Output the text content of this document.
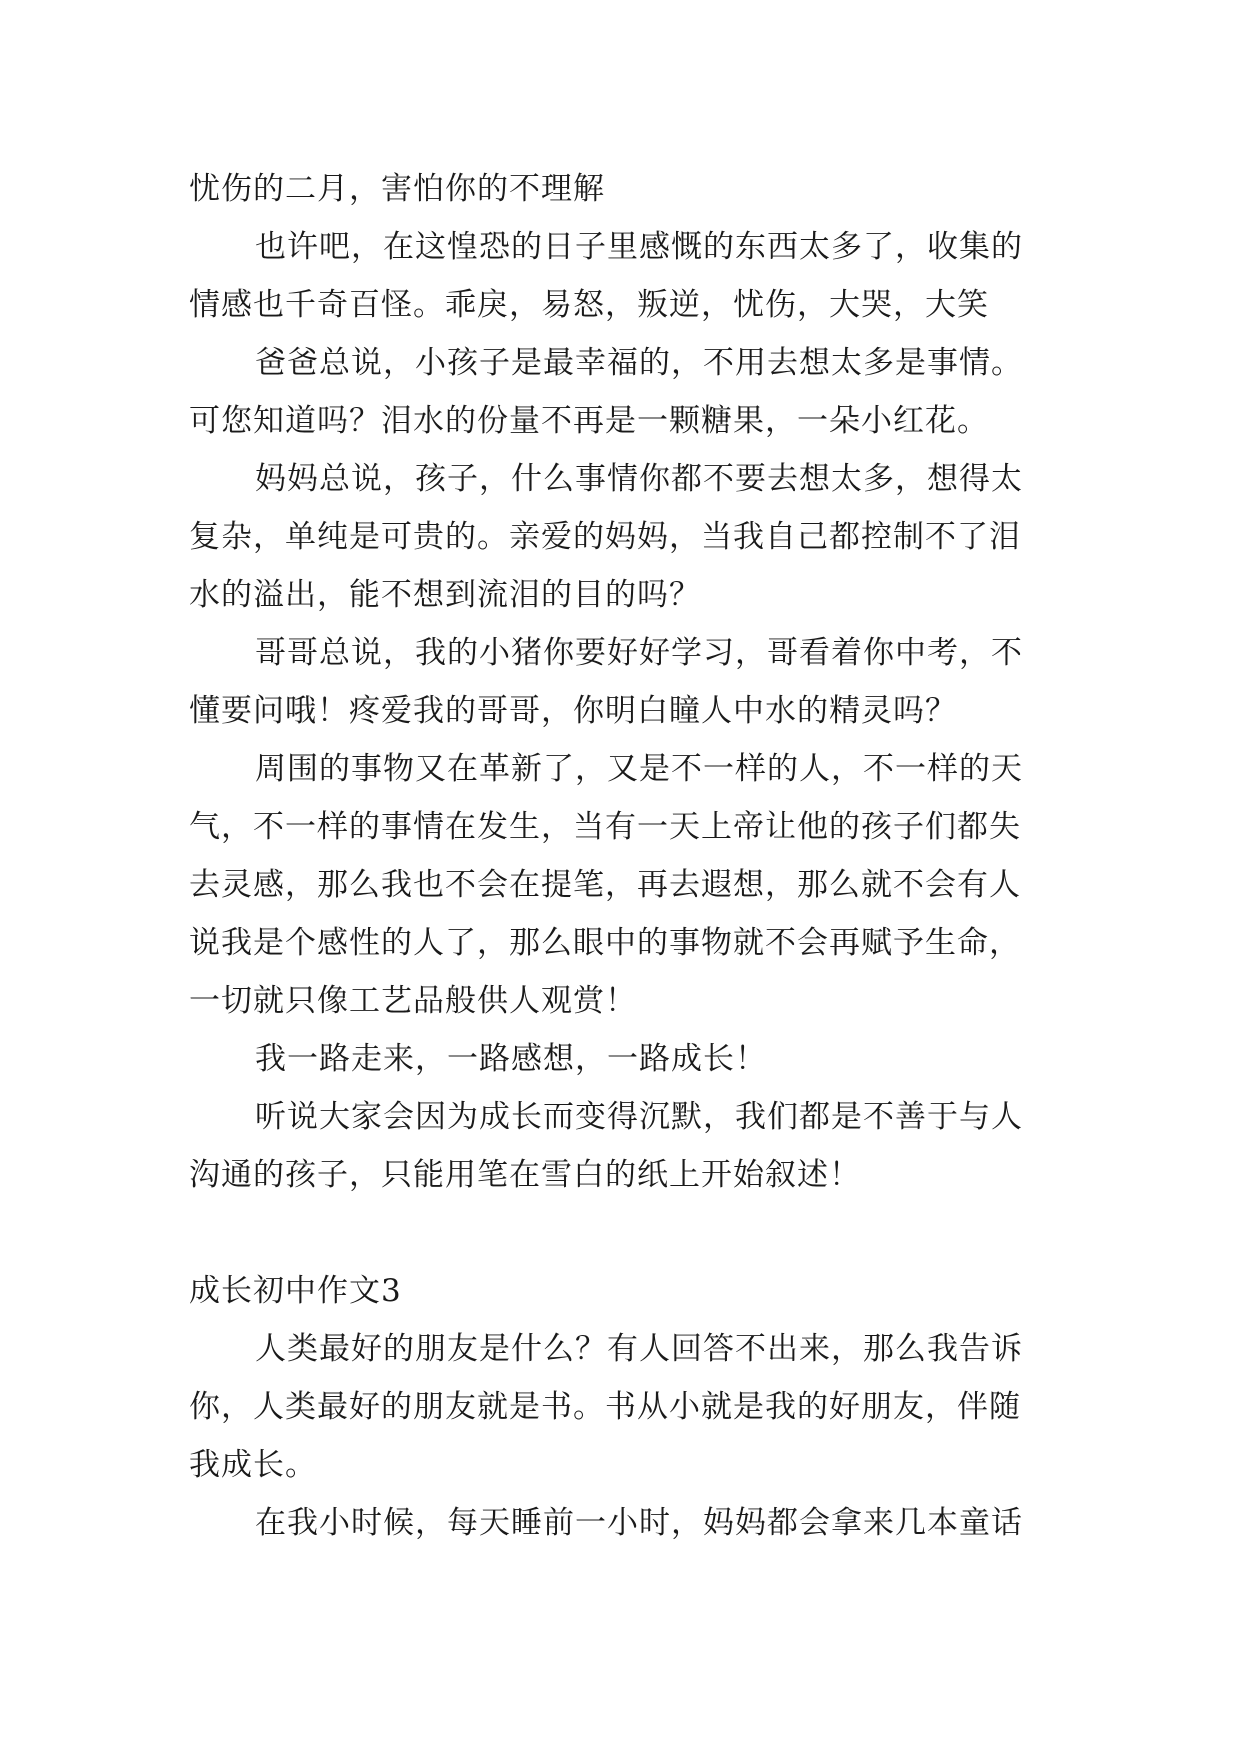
忧伤的二月，害怕你的不理解
也许吧，在这惶恐的日子里感慨的东西太多了，收集的
情感也千奇百怪。乖戾，易怒，叛逆，忧伤，大哭，大笑
爸爸总说，小孩子是最幸福的，不用去想太多是事情。
可您知道吗？泪水的份量不再是一颗糖果，一朵小红花。
妈妈总说，孩子，什么事情你都不要去想太多，想得太
复杂，单纯是可贵的。亲爱的妈妈，当我自己都控制不了泪
水的溢出，能不想到流泪的目的吗？
哥哥总说，我的小猪你要好好学习，哥看着你中考，不
懂要问哦！疼爱我的哥哥，你明白瞳人中水的精灵吗？
周围的事物又在革新了，又是不一样的人，不一样的天
气，不一样的事情在发生，当有一天上帝让他的孩子们都失
去灵感，那么我也不会在提笔，再去遐想，那么就不会有人
说我是个感性的人了，那么眼中的事物就不会再赋予生命，
一切就只像工艺品般供人观赏！
我一路走来，一路感想，一路成长！
听说大家会因为成长而变得沉默，我们都是不善于与人
沟通的孩子，只能用笔在雪白的纸上开始叙述！
成长初中作文3
人类最好的朋友是什么？有人回答不出来，那么我告诉
你，人类最好的朋友就是书。书从小就是我的好朋友，伴随
我成长。
在我小时候，每天睡前一小时，妈妈都会拿来几本童话
